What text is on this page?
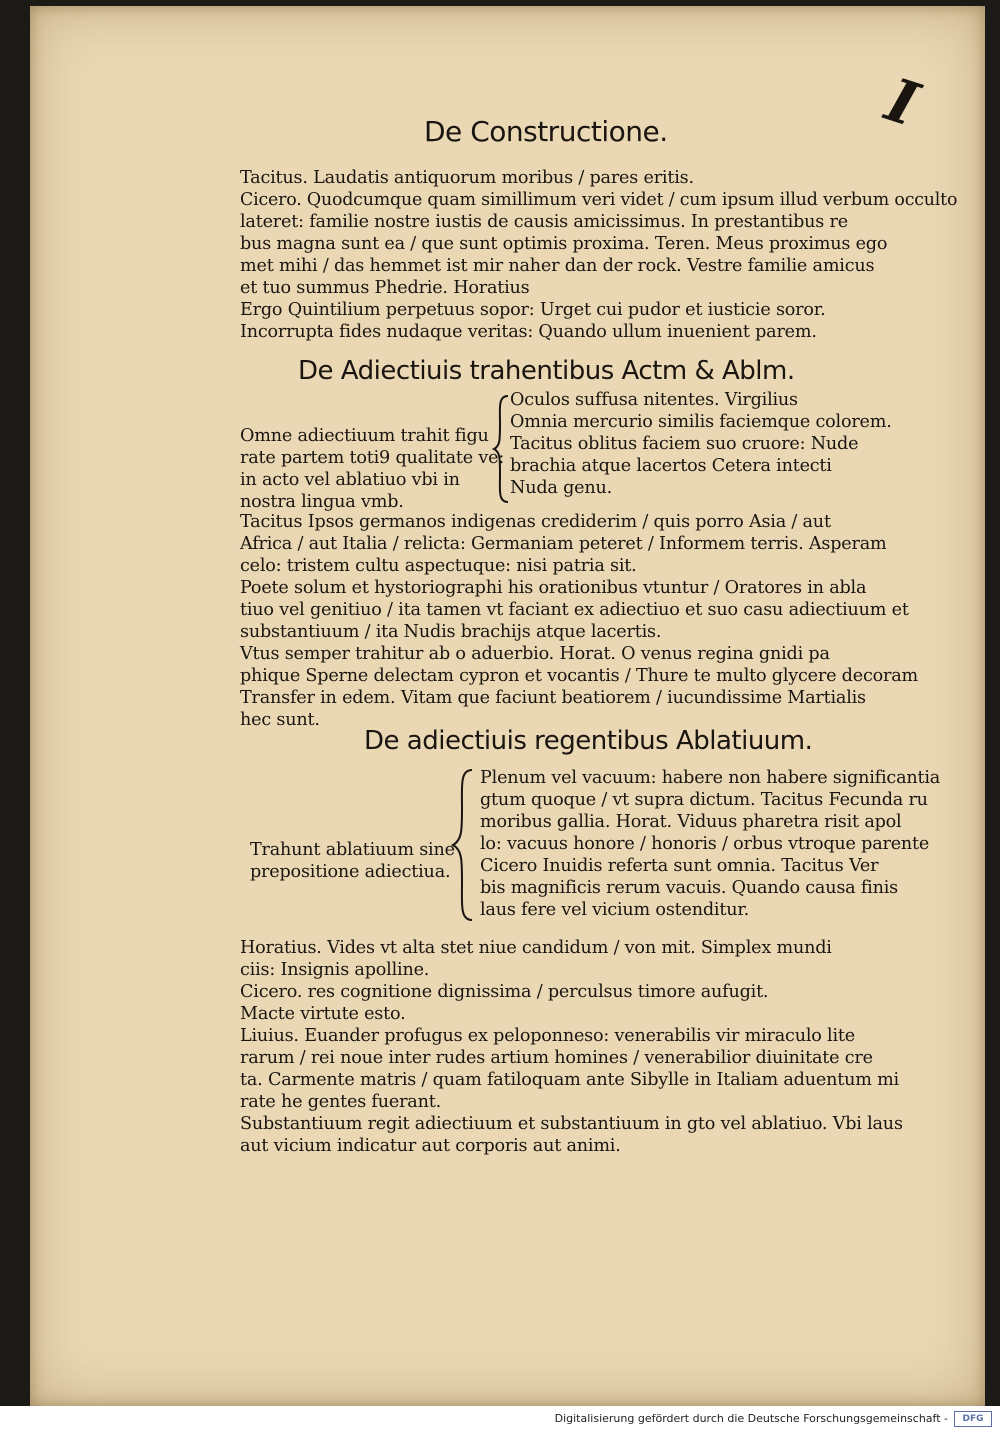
I
De Constructione.
Tacitus. Laudatis antiquorum moribus / pares eritis.
Cicero. Quodcumque quam simillimum veri videt / cum ipsum illud verbum occulto
lateret: familie nostre iustis de causis amicissimus. In prestantibus re
bus magna sunt ea / que sunt optimis proxima. Teren. Meus proximus ego
met mihi / das hemmet ist mir naher dan der rock. Vestre familie amicus
et tuo summus Phedrie. Horatius
Ergo Quintilium perpetuus sopor: Urget cui pudor et iusticie soror.
Incorrupta fides nudaque veritas: Quando ullum inuenient parem.
De Adiectiuis trahentibus Actm & Ablm.
Oculos suffusa nitentes. Virgilius
Omnia mercurio similis faciemque colorem.
Tacitus oblitus faciem suo cruore: Nude
brachia atque lacertos Cetera intecti
Nuda genu.
Omne adiectiuum trahit figu
rate partem toti9 qualitate ve:
in acto vel ablatiuo vbi in
nostra lingua vmb.
Tacitus Ipsos germanos indigenas crediderim / quis porro Asia / aut
Africa / aut Italia / relicta: Germaniam peteret / Informem terris. Asperam
celo: tristem cultu aspectuque: nisi patria sit.
Poete solum et hystoriographi his orationibus vtuntur / Oratores in abla
tiuo vel genitiuo / ita tamen vt faciant ex adiectiuo et suo casu adiectiuum et
substantiuum / ita Nudis brachijs atque lacertis.
Vtus semper trahitur ab o aduerbio. Horat. O venus regina gnidi pa
phique Sperne delectam cypron et vocantis / Thure te multo glycere decoram
Transfer in edem. Vitam que faciunt beatiorem / iucundissime Martialis
hec sunt.
De adiectiuis regentibus Ablatiuum.
Plenum vel vacuum: habere non habere significantia
gtum quoque / vt supra dictum. Tacitus Fecunda ru
moribus gallia. Horat. Viduus pharetra risit apol
lo: vacuus honore / honoris / orbus vtroque parente
Cicero Inuidis referta sunt omnia. Tacitus Ver
bis magnificis rerum vacuis. Quando causa finis
laus fere vel vicium ostenditur.
Trahunt ablatiuum sine
prepositione adiectiua.
Horatius. Vides vt alta stet niue candidum / von mit. Simplex mundi
ciis: Insignis apolline.
Cicero. res cognitione dignissima / perculsus timore aufugit.
Macte virtute esto.
Liuius. Euander profugus ex peloponneso: venerabilis vir miraculo lite
rarum / rei noue inter rudes artium homines / venerabilior diuinitate cre
ta. Carmente matris / quam fatiloquam ante Sibylle in Italiam aduentum mi
rate he gentes fuerant.
Substantiuum regit adiectiuum et substantiuum in gto vel ablatiuo. Vbi laus
aut vicium indicatur aut corporis aut animi.
Digitalisierung gefördert durch die Deutsche Forschungsgemeinschaft -	DFG
